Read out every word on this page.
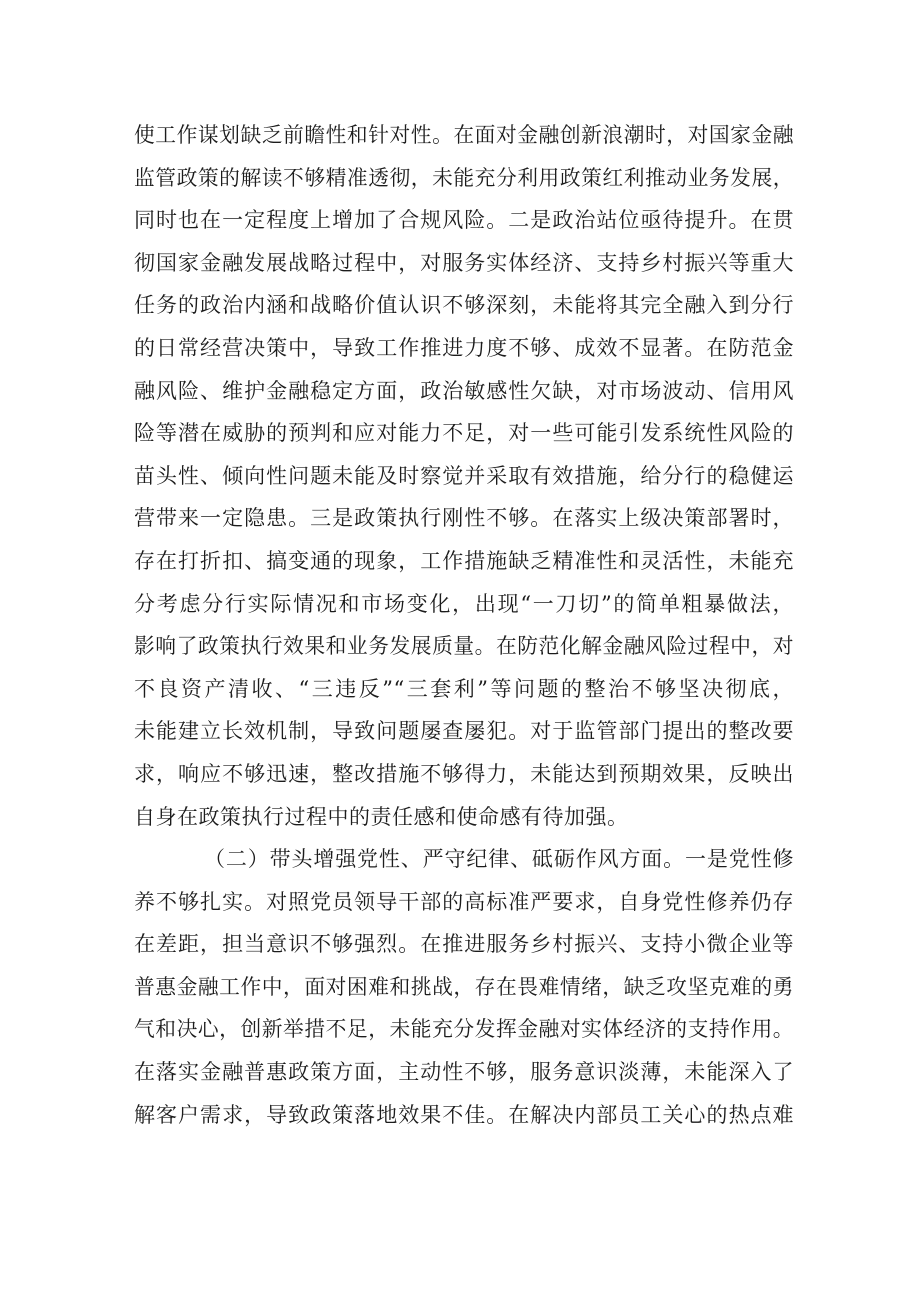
使工作谋划缺乏前瞻性和针对性。在面对金融创新浪潮时，对国家金融
监管政策的解读不够精准透彻，未能充分利用政策红利推动业务发展，
同时也在一定程度上增加了合规风险。二是政治站位亟待提升。在贯
彻国家金融发展战略过程中，对服务实体经济、支持乡村振兴等重大
任务的政治内涵和战略价值认识不够深刻，未能将其完全融入到分行
的日常经营决策中，导致工作推进力度不够、成效不显著。在防范金
融风险、维护金融稳定方面，政治敏感性欠缺，对市场波动、信用风
险等潜在威胁的预判和应对能力不足，对一些可能引发系统性风险的
苗头性、倾向性问题未能及时察觉并采取有效措施，给分行的稳健运
营带来一定隐患。三是政策执行刚性不够。在落实上级决策部署时，
存在打折扣、搞变通的现象，工作措施缺乏精准性和灵活性，未能充
分考虑分行实际情况和市场变化，出现“一刀切”的简单粗暴做法，
影响了政策执行效果和业务发展质量。在防范化解金融风险过程中，对
不良资产清收、“三违反”“三套利”等问题的整治不够坚决彻底，
未能建立长效机制，导致问题屡查屡犯。对于监管部门提出的整改要
求，响应不够迅速，整改措施不够得力，未能达到预期效果，反映出
自身在政策执行过程中的责任感和使命感有待加强。
（二）带头增强党性、严守纪律、砥砺作风方面。一是党性修
养不够扎实。对照党员领导干部的高标准严要求，自身党性修养仍存
在差距，担当意识不够强烈。在推进服务乡村振兴、支持小微企业等
普惠金融工作中，面对困难和挑战，存在畏难情绪，缺乏攻坚克难的勇
气和决心，创新举措不足，未能充分发挥金融对实体经济的支持作用。
在落实金融普惠政策方面，主动性不够，服务意识淡薄，未能深入了
解客户需求，导致政策落地效果不佳。在解决内部员工关心的热点难
